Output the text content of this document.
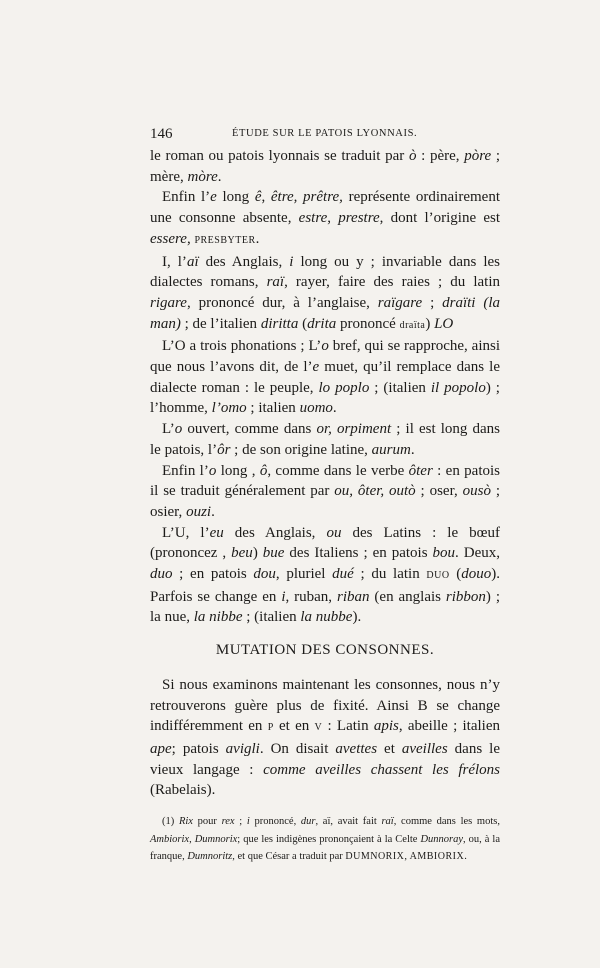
146	ÉTUDE SUR LE PATOIS LYONNAIS.

le roman ou patois lyonnais se traduit par ò : père, pòre ; mère, mòre.

Enfin l’e long ê, être, prêtre, représente ordinairement une consonne absente, estre, prestre, dont l’origine est essere, PRESBYTER.

I, l’aï des Anglais, i long ou y ; invariable dans les dialectes romans, raï, rayer, faire des raies ; du latin rigare, prononcé dur, à l’anglaise, raïgare ; draïti (la man) ; de l’italien diritta (drita prononcé draïta) LO

L’O a trois phonations ; L’o bref, qui se rapproche, ainsi que nous l’avons dit, de l’e muet, qu’il remplace dans le dialecte roman : le peuple, lo poplo ; (italien il popolo) ; l’homme, l’omo ; italien uomo.

L’o ouvert, comme dans or, orpiment ; il est long dans le patois, l’ôr ; de son origine latine, aurum.

Enfin l’o long , ô, comme dans le verbe ôter : en patois il se traduit généralement par ou, ôter, outò ; oser, ousò ; osier, ouzi.

L’U, l’eu des Anglais, ou des Latins : le bœuf (prononcez , beu) bue des Italiens ; en patois bou. Deux, duo ; en patois dou, pluriel dué ; du latin DUO (douo). Parfois se change en i, ruban, riban (en anglais ribbon) ; la nue, la nibbe ; (italien la nubbe).

MUTATION DES CONSONNES.

Si nous examinons maintenant les consonnes, nous n’y retrouverons guère plus de fixité. Ainsi B se change indifféremment en P et en V : Latin apis, abeille ; italien ape; patois avigli. On disait avettes et aveilles dans le vieux langage : comme aveilles chassent les frélons (Rabelais).

(1) Rix pour rex ; i prononcé, dur, aï, avait fait raï, comme dans les mots, Ambiorix, Dumnorix; que les indigènes prononçaient à la Celte Dunnoray, ou, à la franque, Dumnoritz, et que César a traduit par DUMNORIX, AMBIORIX.
